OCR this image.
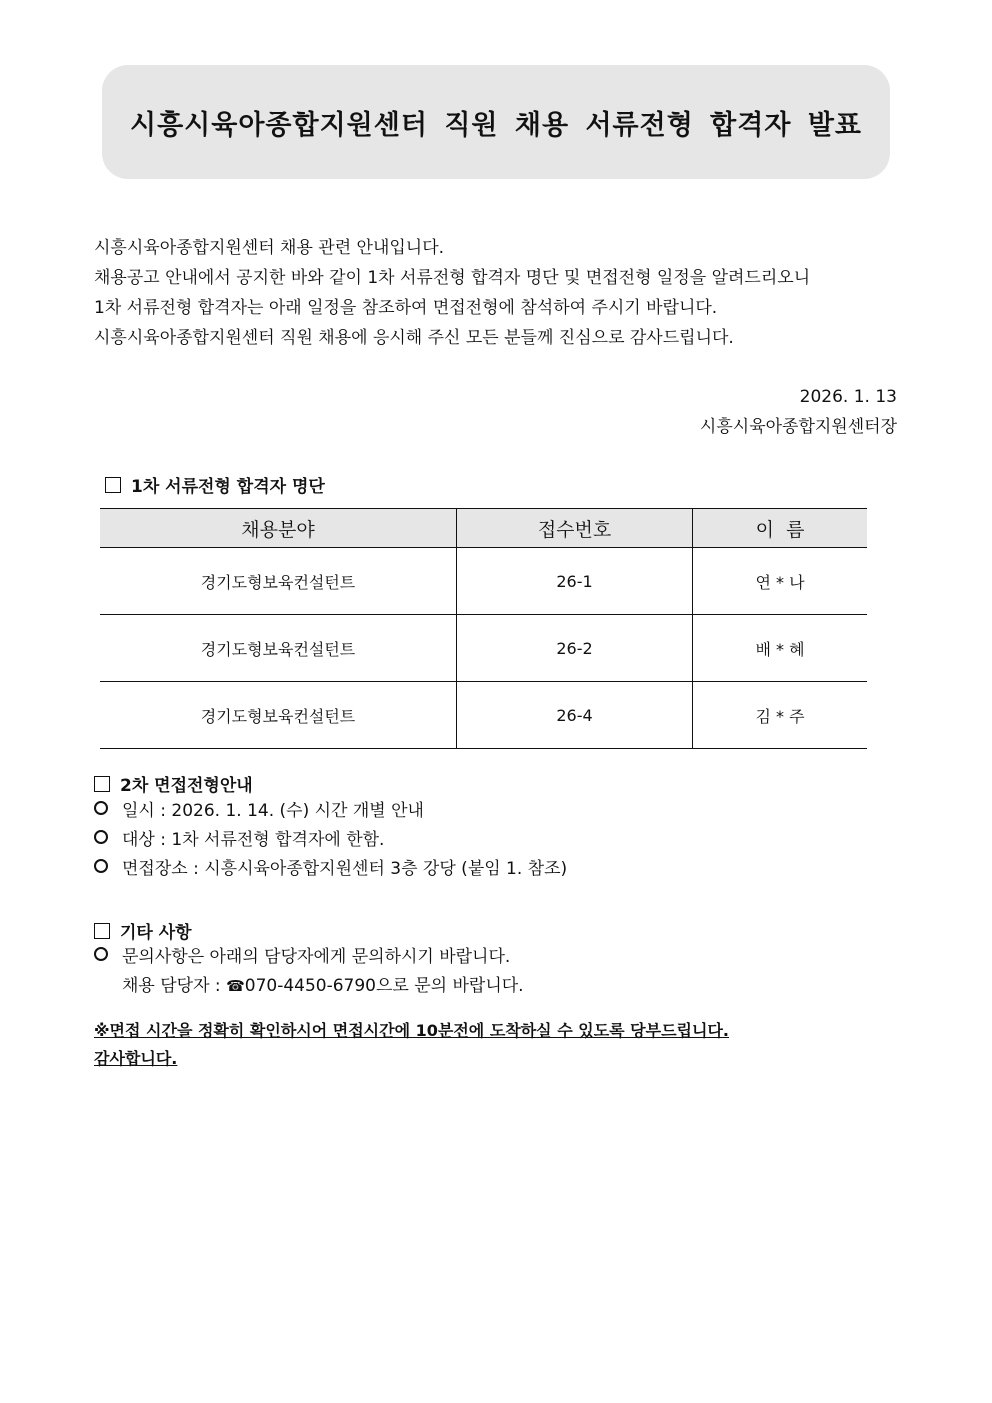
시흥시육아종합지원센터 직원 채용 서류전형 합격자 발표

시흥시육아종합지원센터 채용 관련 안내입니다.

채용공고 안내에서 공지한 바와 같이 1차 서류전형 합격자 명단 및 면접전형 일정을 알려드리오니

1차 서류전형 합격자는 아래 일정을 참조하여 면접전형에 참석하여 주시기 바랍니다.

시흥시육아종합지원센터 직원 채용에 응시해 주신 모든 분들께 진심으로 감사드립니다.

2026. 1. 13
시흥시육아종합지원센터장
1차 서류전형 합격자 명단
채용분야	접수번호	이  름
경기도형보육컨설턴트	26-1	연 * 나
경기도형보육컨설턴트	26-2	배 * 혜
경기도형보육컨설턴트	26-4	김 * 주
2차 면접전형안내
일시 : 2026. 1. 14. (수) 시간 개별 안내
대상 : 1차 서류전형 합격자에 한함.
면접장소 : 시흥시육아종합지원센터 3층 강당 (붙임 1. 참조)
기타 사항
문의사항은 아래의 담당자에게 문의하시기 바랍니다.
채용 담당자 : ☎070-4450-6790으로 문의 바랍니다.
※면접 시간을 정확히 확인하시어 면접시간에 10분전에 도착하실 수 있도록 당부드립니다.
감사합니다.
